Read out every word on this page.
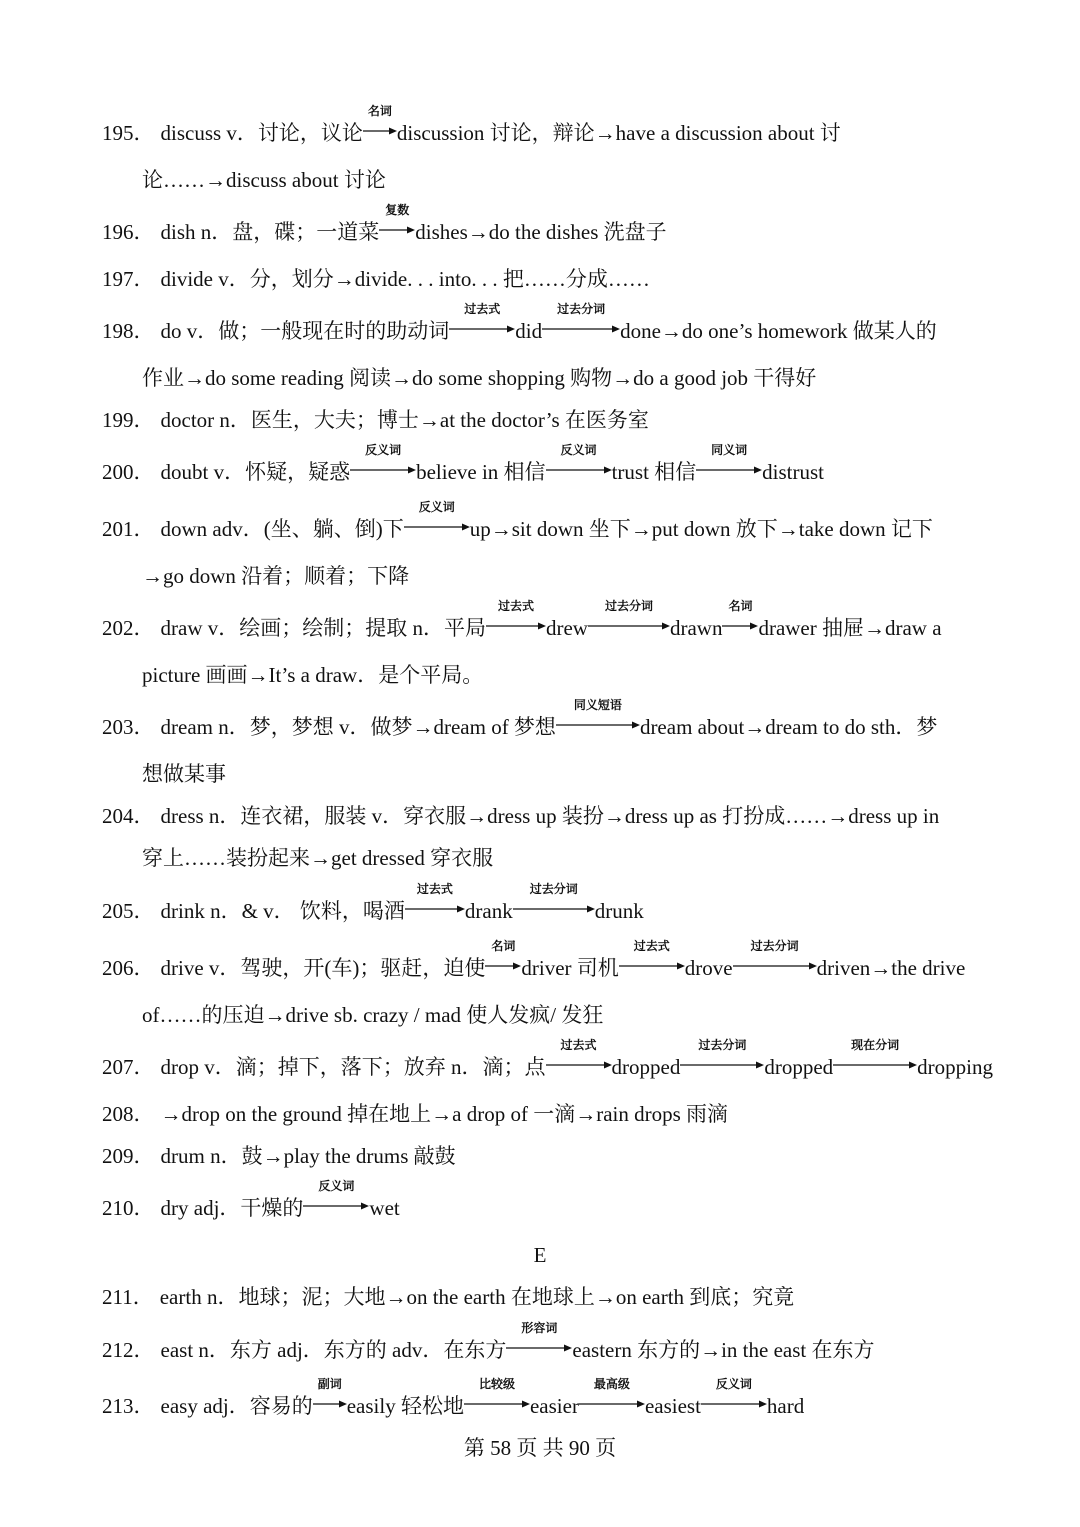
195． discuss v．讨论，议论
名词
discussion 讨论，辩论→have a discussion about 讨
论……→discuss about 讨论
196． dish n．盘，碟；一道菜
复数
dishes→do the dishes 洗盘子
197． divide v．分，划分→divide. . . into. . . 把……分成……
198． do v．做；一般现在时的助动词
过去式
did
过去分词
done→do one’s homework 做某人的
作业→do some reading 阅读→do some shopping 购物→do a good job 干得好
199． doctor n．医生，大夫；博士→at the doctor’s 在医务室
200． doubt v．怀疑，疑惑
反义词
believe in 相信
反义词
trust 相信
同义词
distrust
201． down adv．(坐、躺、倒)下
反义词
up→sit down 坐下→put down 放下→take down 记下
→go down 沿着；顺着；下降
202． draw v．绘画；绘制；提取 n．平局
过去式
drew
过去分词
drawn
名词
drawer 抽屉→draw a
picture 画画→It’s a draw．是个平局。
203． dream n．梦，梦想 v．做梦→dream of 梦想
同义短语
dream about→dream to do sth．梦
想做某事
204． dress n．连衣裙，服装 v．穿衣服→dress up 装扮→dress up as 打扮成……→dress up in
穿上……装扮起来→get dressed 穿衣服
205． drink n．& v． 饮料，喝酒
过去式
drank
过去分词
drunk
206． drive v．驾驶，开(车)；驱赶，迫使
名词
driver 司机
过去式
drove
过去分词
driven→the drive
of……的压迫→drive sb. crazy / mad 使人发疯/ 发狂
207． drop v．滴；掉下，落下；放弃 n．滴；点
过去式
dropped
过去分词
dropped
现在分词
dropping
208． →drop on the ground 掉在地上→a drop of 一滴→rain drops 雨滴
209． drum n．鼓→play the drums 敲鼓
210． dry adj．干燥的
反义词
wet
211． earth n．地球；泥；大地→on the earth 在地球上→on earth 到底；究竟
212． east n．东方 adj．东方的 adv．在东方
形容词
eastern 东方的→in the east 在东方
213． easy adj．容易的
副词
easily 轻松地
比较级
easier
最高级
easiest
反义词
hard
E
第 58 页 共 90 页
